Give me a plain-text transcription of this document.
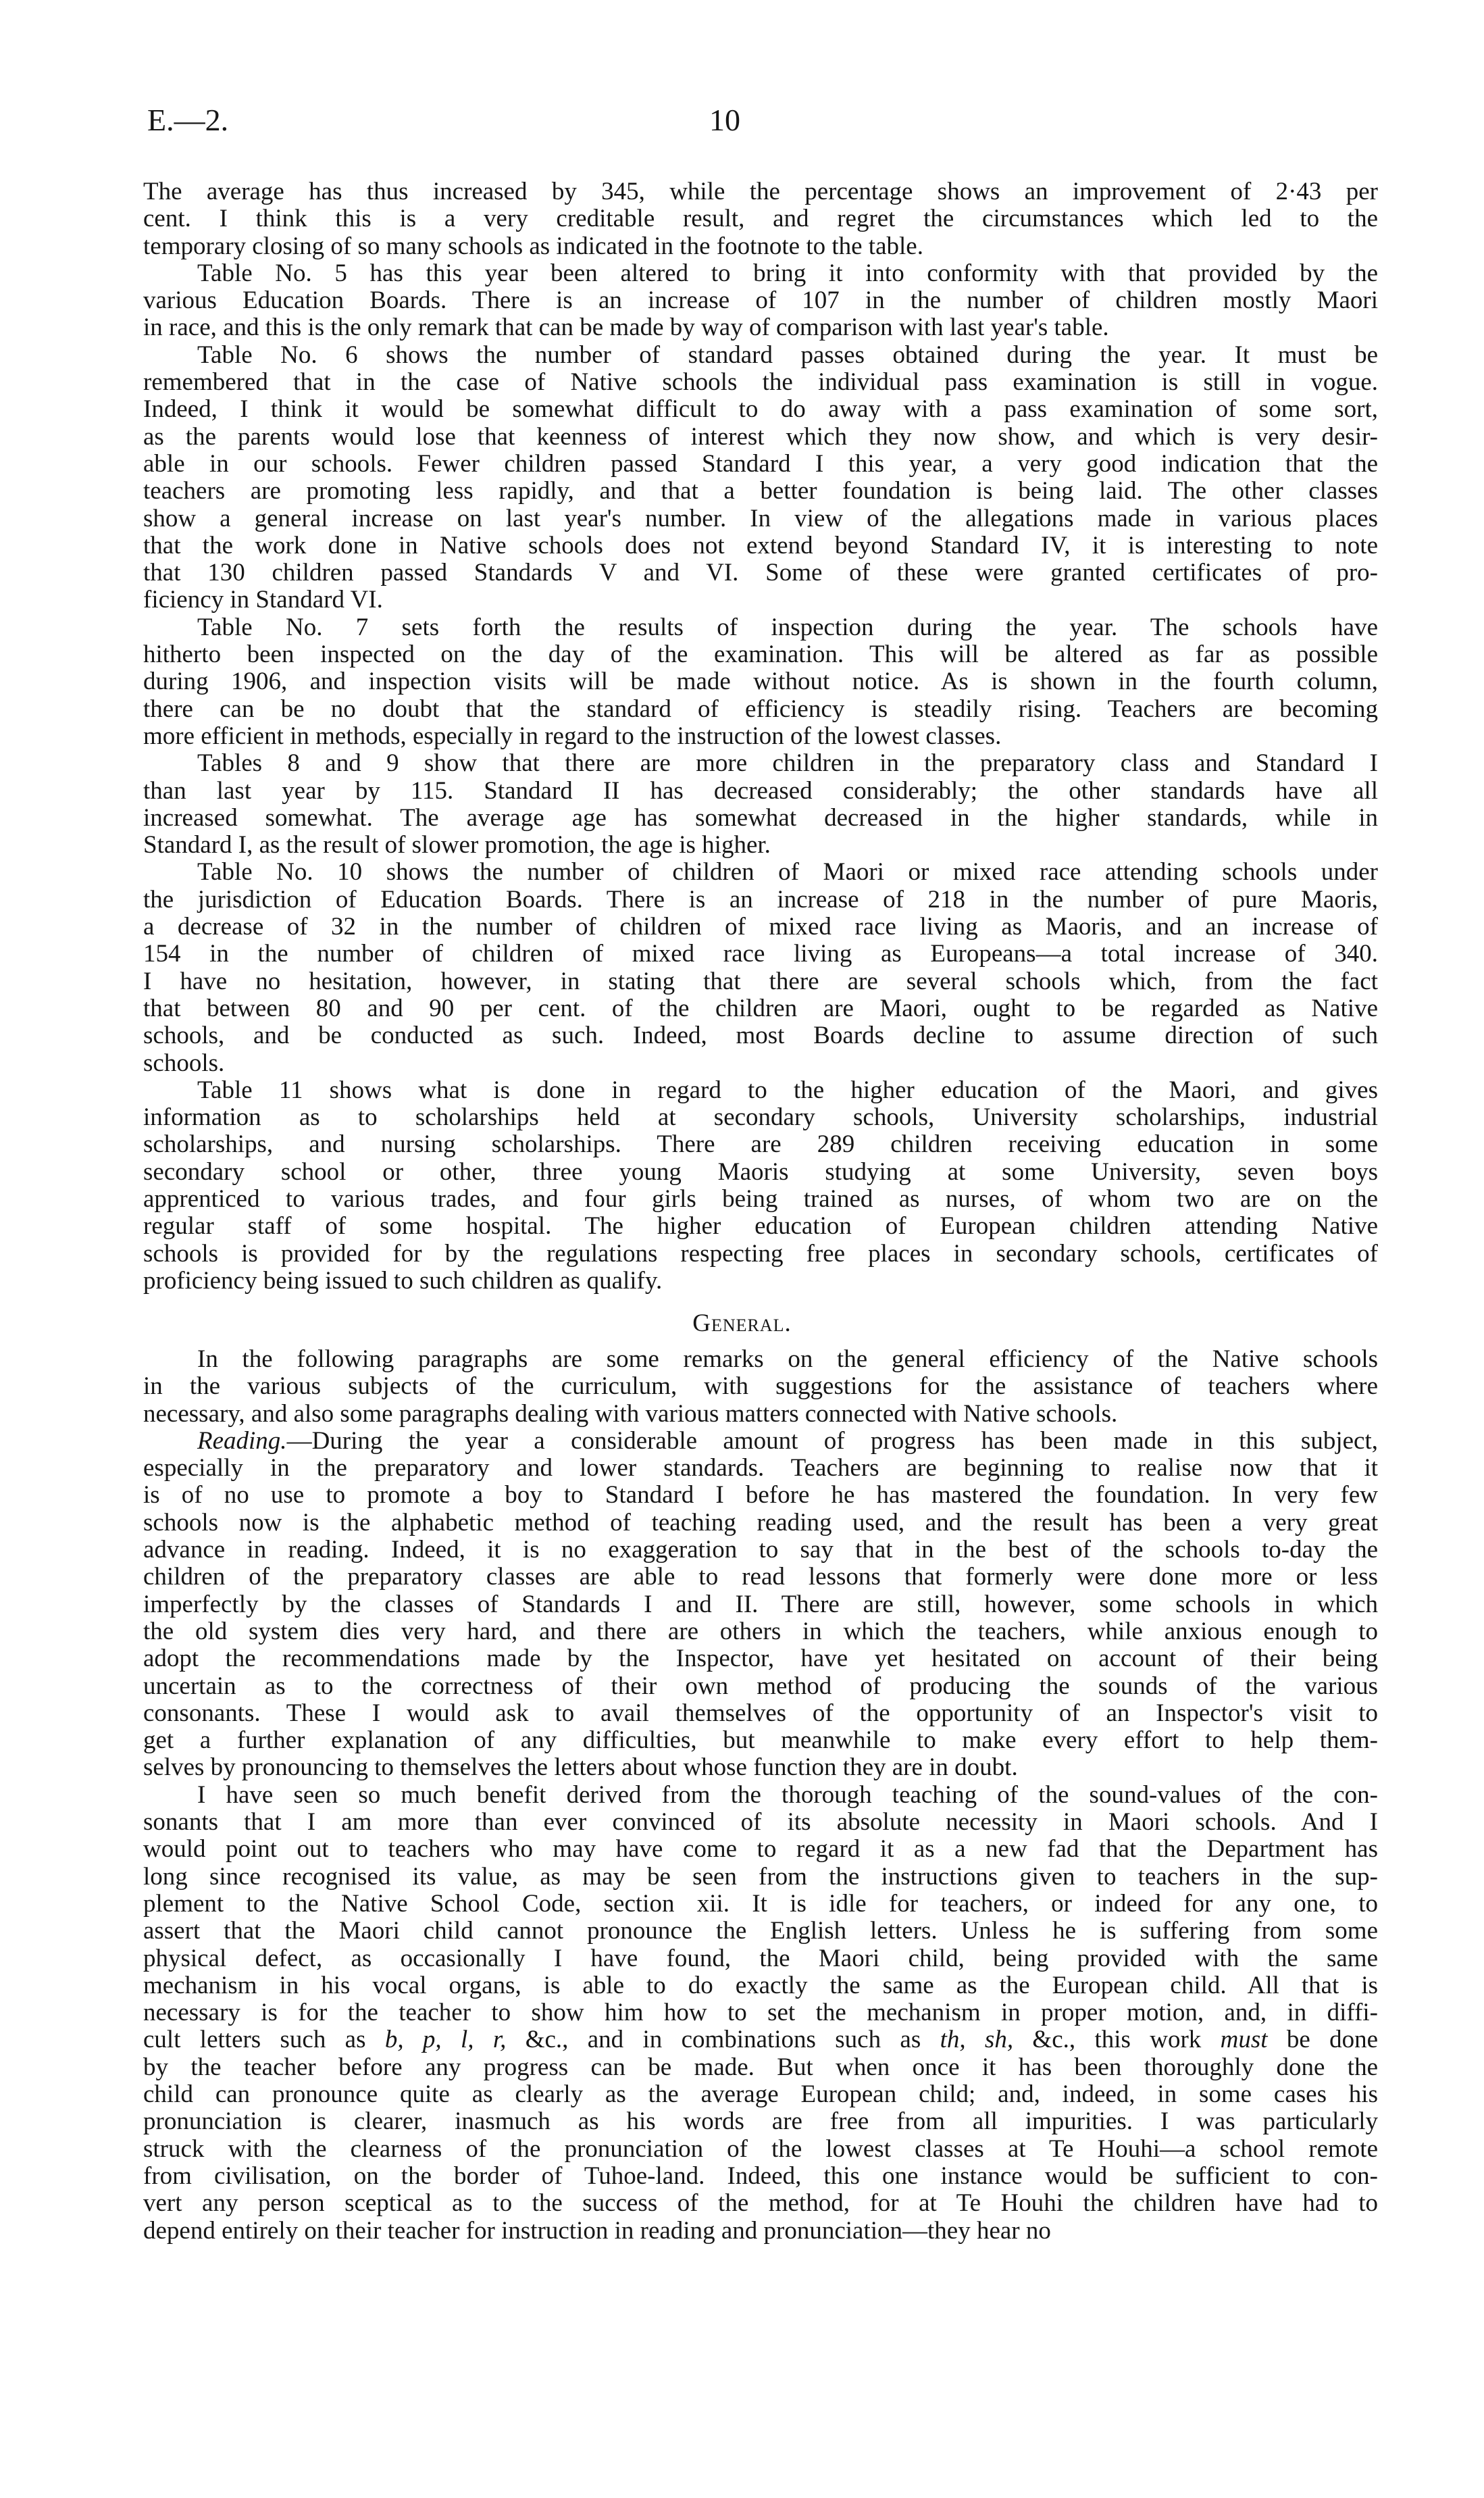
E.—2.	10
The average has thus increased by 345, while the percentage shows an improvement of 2·43 per
cent. I think this is a very creditable result, and regret the circumstances which led to the
temporary closing of so many schools as indicated in the footnote to the table.
Table No. 5 has this year been altered to bring it into conformity with that provided by the
various Education Boards. There is an increase of 107 in the number of children mostly Maori
in race, and this is the only remark that can be made by way of comparison with last year's table.
Table No. 6 shows the number of standard passes obtained during the year. It must be
remembered that in the case of Native schools the individual pass examination is still in vogue.
Indeed, I think it would be somewhat difficult to do away with a pass examination of some sort,
as the parents would lose that keenness of interest which they now show, and which is very desir-
able in our schools. Fewer children passed Standard I this year, a very good indication that the
teachers are promoting less rapidly, and that a better foundation is being laid. The other classes
show a general increase on last year's number. In view of the allegations made in various places
that the work done in Native schools does not extend beyond Standard IV, it is interesting to note
that 130 children passed Standards V and VI. Some of these were granted certificates of pro-
ficiency in Standard VI.
Table No. 7 sets forth the results of inspection during the year. The schools have
hitherto been inspected on the day of the examination. This will be altered as far as possible
during 1906, and inspection visits will be made without notice. As is shown in the fourth column,
there can be no doubt that the standard of efficiency is steadily rising. Teachers are becoming
more efficient in methods, especially in regard to the instruction of the lowest classes.
Tables 8 and 9 show that there are more children in the preparatory class and Standard I
than last year by 115. Standard II has decreased considerably; the other standards have all
increased somewhat. The average age has somewhat decreased in the higher standards, while in
Standard I, as the result of slower promotion, the age is higher.
Table No. 10 shows the number of children of Maori or mixed race attending schools under
the jurisdiction of Education Boards. There is an increase of 218 in the number of pure Maoris,
a decrease of 32 in the number of children of mixed race living as Maoris, and an increase of
154 in the number of children of mixed race living as Europeans—a total increase of 340.
I have no hesitation, however, in stating that there are several schools which, from the fact
that between 80 and 90 per cent. of the children are Maori, ought to be regarded as Native
schools, and be conducted as such. Indeed, most Boards decline to assume direction of such
schools.
Table 11 shows what is done in regard to the higher education of the Maori, and gives
information as to scholarships held at secondary schools, University scholarships, industrial
scholarships, and nursing scholarships. There are 289 children receiving education in some
secondary school or other, three young Maoris studying at some University, seven boys
apprenticed to various trades, and four girls being trained as nurses, of whom two are on the
regular staff of some hospital. The higher education of European children attending Native
schools is provided for by the regulations respecting free places in secondary schools, certificates of
proficiency being issued to such children as qualify.
General.
In the following paragraphs are some remarks on the general efficiency of the Native schools
in the various subjects of the curriculum, with suggestions for the assistance of teachers where
necessary, and also some paragraphs dealing with various matters connected with Native schools.
Reading.—During the year a considerable amount of progress has been made in this subject,
especially in the preparatory and lower standards. Teachers are beginning to realise now that it
is of no use to promote a boy to Standard I before he has mastered the foundation. In very few
schools now is the alphabetic method of teaching reading used, and the result has been a very great
advance in reading. Indeed, it is no exaggeration to say that in the best of the schools to-day the
children of the preparatory classes are able to read lessons that formerly were done more or less
imperfectly by the classes of Standards I and II. There are still, however, some schools in which
the old system dies very hard, and there are others in which the teachers, while anxious enough to
adopt the recommendations made by the Inspector, have yet hesitated on account of their being
uncertain as to the correctness of their own method of producing the sounds of the various
consonants. These I would ask to avail themselves of the opportunity of an Inspector's visit to
get a further explanation of any difficulties, but meanwhile to make every effort to help them-
selves by pronouncing to themselves the letters about whose function they are in doubt.
I have seen so much benefit derived from the thorough teaching of the sound-values of the con-
sonants that I am more than ever convinced of its absolute necessity in Maori schools. And I
would point out to teachers who may have come to regard it as a new fad that the Department has
long since recognised its value, as may be seen from the instructions given to teachers in the sup-
plement to the Native School Code, section xii. It is idle for teachers, or indeed for any one, to
assert that the Maori child cannot pronounce the English letters. Unless he is suffering from some
physical defect, as occasionally I have found, the Maori child, being provided with the same
mechanism in his vocal organs, is able to do exactly the same as the European child. All that is
necessary is for the teacher to show him how to set the mechanism in proper motion, and, in diffi-
cult letters such as b, p, l, r, &c., and in combinations such as th, sh, &c., this work must be done
by the teacher before any progress can be made. But when once it has been thoroughly done the
child can pronounce quite as clearly as the average European child; and, indeed, in some cases his
pronunciation is clearer, inasmuch as his words are free from all impurities. I was particularly
struck with the clearness of the pronunciation of the lowest classes at Te Houhi—a school remote
from civilisation, on the border of Tuhoe-land. Indeed, this one instance would be sufficient to con-
vert any person sceptical as to the success of the method, for at Te Houhi the children have had to
depend entirely on their teacher for instruction in reading and pronunciation—they hear no
